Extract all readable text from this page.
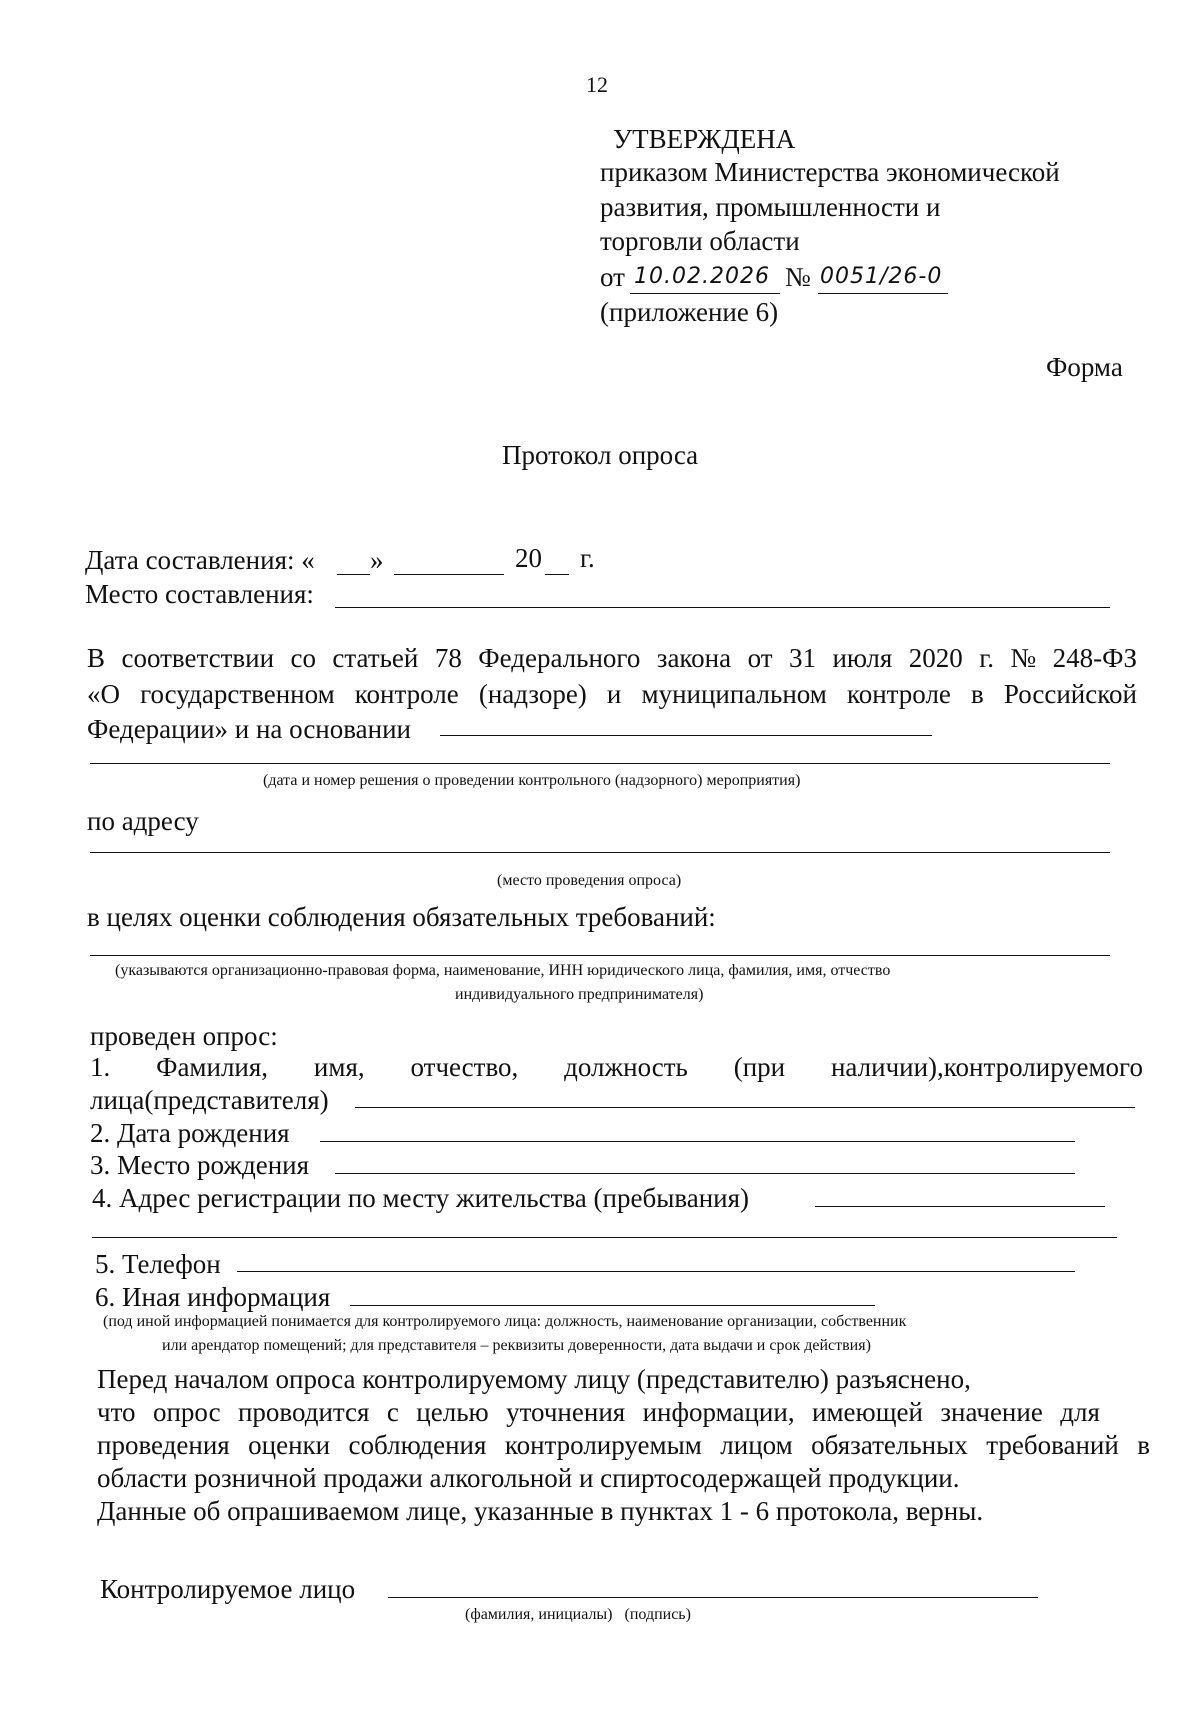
12
УТВЕРЖДЕНА
приказом Министерства экономической
развития, промышленности и
торговли области
от 10.02.2026 № 0051/26-0
(приложение 6)
Форма
Протокол опроса
Дата составления: « »	20 г.
Место составления:
В соответствии со статьей 78 Федерального закона от 31 июля 2020 г. № 248-ФЗ
«О государственном контроле (надзоре) и муниципальном контроле в Российской
Федерации» и на основании
(дата и номер решения о проведении контрольного (надзорного) мероприятия)
по адресу
(место проведения опроса)
в целях оценки соблюдения обязательных требований:
(указываются организационно-правовая форма, наименование, ИНН юридического лица, фамилия, имя, отчество
индивидуального предпринимателя)
проведен опрос:
1. Фамилия, имя, отчество, должность (при наличии),контролируемого
лица(представителя)
2. Дата рождения
3. Место рождения
4. Адрес регистрации по месту жительства (пребывания)
5. Телефон
6. Иная информация
(под иной информацией понимается для контролируемого лица: должность, наименование организации, собственник
или арендатор помещений; для представителя – реквизиты доверенности, дата выдачи и срок действия)
Перед началом опроса контролируемому лицу (представителю) разъяснено,
что опрос проводится с целью уточнения информации, имеющей значение для
проведения оценки соблюдения контролируемым лицом обязательных требований в
области розничной продажи алкогольной и спиртосодержащей продукции.
Данные об опрашиваемом лице, указанные в пунктах 1 - 6 протокола, верны.
Контролируемое лицо
(фамилия, инициалы)   (подпись)
